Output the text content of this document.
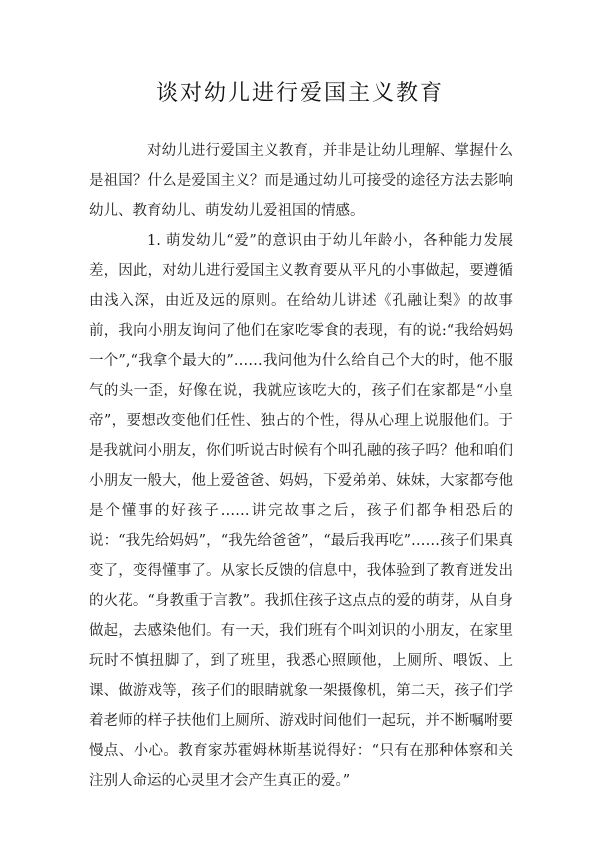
谈对幼儿进行爱国主义教育

对幼儿进行爱国主义教育，并非是让幼儿理解、掌握什么是祖国？什么是爱国主义？而是通过幼儿可接受的途径方法去影响幼儿、教育幼儿、萌发幼儿爱祖国的情感。

1. 萌发幼儿“爱”的意识由于幼儿年龄小，各种能力发展差，因此，对幼儿进行爱国主义教育要从平凡的小事做起，要遵循由浅入深，由近及远的原则。在给幼儿讲述《孔融让梨》的故事前，我向小朋友询问了他们在家吃零食的表现，有的说:“我给妈妈一个”,“我拿个最大的”……我问他为什么给自己个大的时，他不服气的头一歪，好像在说，我就应该吃大的，孩子们在家都是“小皇帝”，要想改变他们任性、独占的个性，得从心理上说服他们。于是我就问小朋友，你们听说古时候有个叫孔融的孩子吗？他和咱们小朋友一般大，他上爱爸爸、妈妈，下爱弟弟、妹妹，大家都夸他是个懂事的好孩子……讲完故事之后，孩子们都争相恐后的说：“我先给妈妈”，“我先给爸爸”，“最后我再吃”……孩子们果真变了，变得懂事了。从家长反馈的信息中，我体验到了教育迸发出的火花。“身教重于言教”。我抓住孩子这点点的爱的萌芽，从自身做起，去感染他们。有一天，我们班有个叫刘识的小朋友，在家里玩时不慎扭脚了，到了班里，我悉心照顾他，上厕所、喂饭、上课、做游戏等，孩子们的眼睛就象一架摄像机，第二天，孩子们学着老师的样子扶他们上厕所、游戏时间他们一起玩，并不断嘱咐要慢点、小心。教育家苏霍姆林斯基说得好：“只有在那种体察和关注别人命运的心灵里才会产生真正的爱。”
